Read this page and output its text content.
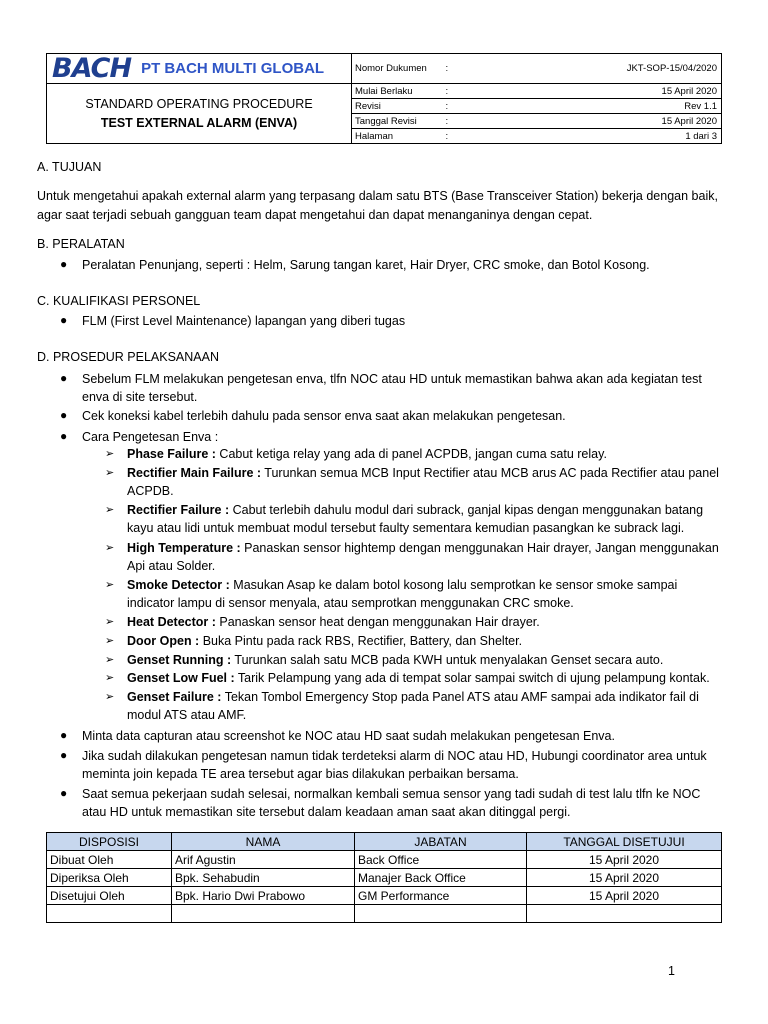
BACH PT BACH MULTI GLOBAL	Nomor Dukumen	:	JKT-SOP-15/04/2020

STANDARD OPERATING PROCEDURE
TEST EXTERNAL ALARM (ENVA)	Mulai Berlaku	:	15 April 2020
	Revisi	:	Rev 1.1
	Tanggal Revisi	:	15 April 2020
	Halaman	:	1 dari 3
A. TUJUAN
Untuk mengetahui apakah external alarm yang terpasang dalam satu BTS (Base Transceiver Station) bekerja dengan baik,
agar saat terjadi sebuah gangguan team dapat mengetahui dan dapat menanganinya dengan cepat.
B. PERALATAN
● Peralatan Penunjang, seperti : Helm, Sarung tangan karet, Hair Dryer, CRC smoke, dan Botol Kosong.
C. KUALIFIKASI PERSONEL
● FLM (First Level Maintenance) lapangan yang diberi tugas
D. PROSEDUR PELAKSANAAN
● Sebelum FLM melakukan pengetesan enva, tlfn NOC atau HD untuk memastikan bahwa akan ada kegiatan test
enva di site tersebut.
● Cek koneksi kabel terlebih dahulu pada sensor enva saat akan melakukan pengetesan.
● Cara Pengetesan Enva :
➢ Phase Failure : Cabut ketiga relay yang ada di panel ACPDB, jangan cuma satu relay.
➢ Rectifier Main Failure : Turunkan semua MCB Input Rectifier atau MCB arus AC pada Rectifier atau panel
ACPDB.
➢ Rectifier Failure : Cabut terlebih dahulu modul dari subrack, ganjal kipas dengan menggunakan batang
kayu atau lidi untuk membuat modul tersebut faulty sementara kemudian pasangkan ke subrack lagi.
➢ High Temperature : Panaskan sensor hightemp dengan menggunakan Hair drayer, Jangan menggunakan
Api atau Solder.
➢ Smoke Detector : Masukan Asap ke dalam botol kosong lalu semprotkan ke sensor smoke sampai
indicator lampu di sensor menyala, atau semprotkan menggunakan CRC smoke.
➢ Heat Detector : Panaskan sensor heat dengan menggunakan Hair drayer.
➢ Door Open : Buka Pintu pada rack RBS, Rectifier, Battery, dan Shelter.
➢ Genset Running : Turunkan salah satu MCB pada KWH untuk menyalakan Genset secara auto.
➢ Genset Low Fuel : Tarik Pelampung yang ada di tempat solar sampai switch di ujung pelampung kontak.
➢ Genset Failure : Tekan Tombol Emergency Stop pada Panel ATS atau AMF sampai ada indikator fail di
modul ATS atau AMF.
● Minta data capturan atau screenshot ke NOC atau HD saat sudah melakukan pengetesan Enva.
● Jika sudah dilakukan pengetesan namun tidak terdeteksi alarm di NOC atau HD, Hubungi coordinator area untuk
meminta join kepada TE area tersebut agar bias dilakukan perbaikan bersama.
● Saat semua pekerjaan sudah selesai, normalkan kembali semua sensor yang tadi sudah di test lalu tlfn ke NOC
atau HD untuk memastikan site tersebut dalam keadaan aman saat akan ditinggal pergi.
DISPOSISI	NAMA	JABATAN	TANGGAL DISETUJUI
Dibuat Oleh	Arif Agustin	Back Office	15 April 2020
Diperiksa Oleh	Bpk. Sehabudin	Manajer Back Office	15 April 2020
Disetujui Oleh	Bpk. Hario Dwi Prabowo	GM Performance	15 April 2020

1
